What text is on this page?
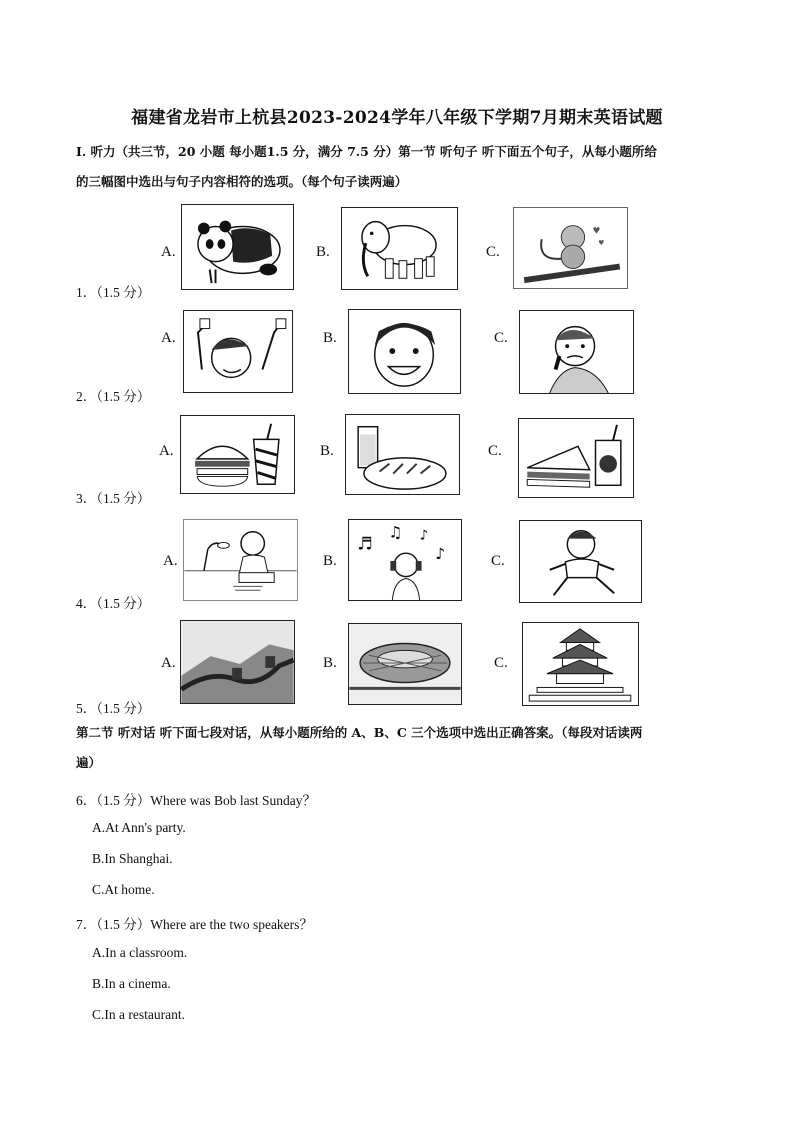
福建省龙岩市上杭县2023-2024学年八年级下学期7月期末英语试题
I. 听力（共三节，20 小题 每小题1.5 分，满分 7.5 分）第一节 听句子 听下面五个句子，从每小题所给
的三幅图中选出与句子内容相符的选项。（每个句子读两遍）
A.	B.	C.
♥
♥
1．（1.5 分）
A.	B.	C.
2．（1.5 分）
A.	B.	C.
3．（1.5 分）
A.	B.
♬
♫ ♪
♪	C.
4．（1.5 分）
A.	B.	C.
5．（1.5 分）
第二节 听对话 听下面七段对话，从每小题所给的 A、B、C 三个选项中选出正确答案。（每段对话读两
遍）
6．（1.5 分）Where was Bob last Sunday？
A.At Ann's party.
B.In Shanghai.
C.At home.
7．（1.5 分）Where are the two speakers？
A.In a classroom.
B.In a cinema.
C.In a restaurant.
